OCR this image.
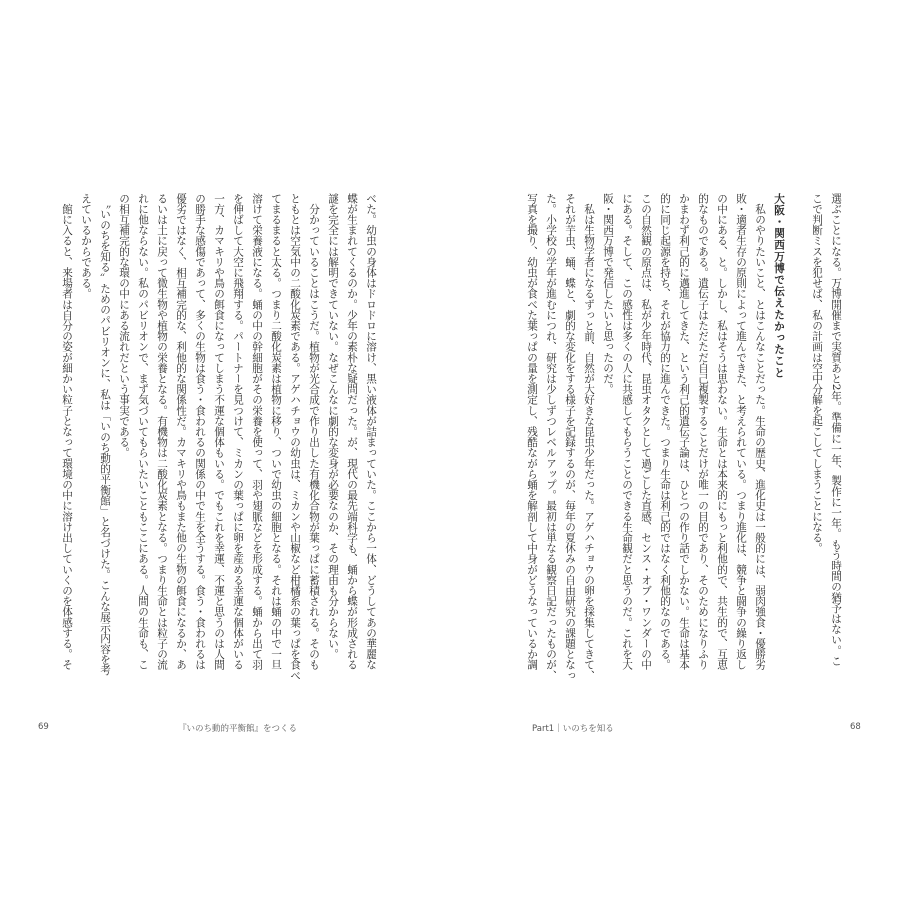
選ぶことになる。万博開催まで実質あと2年。準備に一年、製作に一年。もう時間の猶予はない。こ
こで判断ミスを犯せば、私の計画は空中分解を起こしてしまうことになる。
大阪・関西万博で伝えたかったこと
　私のやりたいこと、とはこんなことだった。生命の歴史、進化史は一般的には、弱肉強食・優勝劣
敗・適者生存の原則によって進んできた、と考えられている。つまり進化は、競争と闘争の繰り返し
の中にある、と。しかし、私はそうは思わない。生命とは本来的にもっと利他的で、共生的で、互恵
的なものである。遺伝子はただただ自己複製することだけが唯一の目的であり、そのためになりふり
かまわず利己的に邁進してきた、という利己的遺伝子論は、ひとつの作り話でしかない。生命は基本
的に同じ起源を持ち、それが協力的に進んできた。つまり生命は利己的ではなく利他的なのである。
この自然観の原点は、私が少年時代、昆虫オタクとして過ごした直感、センス・オブ・ワンダーの中
にある。そして、この感性は多くの人に共感してもらうことのできる生命観だと思うのだ。これを大
阪・関西万博で発信したいと思ったのだ。
　私は生物学者になるずっと前、自然が大好きな昆虫少年だった。アゲハチョウの卵を採集してきて、
それが芋虫、蛹、蝶と、劇的な変化をする様子を記録するのが、毎年の夏休みの自由研究の課題となっ
た。小学校の学年が進むにつれ、研究は少しずつレベルアップ。最初は単なる観察日記だったものが、
写真を撮り、幼虫が食べた葉っぱの量を測定し、残酷ながら蛹を解剖して中身がどうなっているか調
べた。幼虫の身体はドロドロに溶け、黒い液体が詰まっていた。ここから一体、どうしてあの華麗な
蝶が生まれてくるのか。少年の素朴な疑問だった。が、現代の最先端科学も、蛹から蝶が形成される
謎を完全には解明できていない。なぜこんなに劇的な変身が必要なのか、その理由も分からない。
　分かっていることはこうだ。植物が光合成で作り出した有機化合物が葉っぱに蓄積される。そのも
ともとは空気中の二酸化炭素である。アゲハチョウの幼虫は、ミカンや山椒など柑橘系の葉っぱを食べ
てまるまると太る。つまり二酸化炭素は植物に移り、ついで幼虫の細胞となる。それは蛹の中で一旦
溶けて栄養液になる。蛹の中の幹細胞がその栄養を使って、羽や翅脈などを形成する。蛹から出て羽
を伸ばして大空に飛翔する。パートナーを見つけて、ミカンの葉っぱに卵を産める幸運な個体がいる
一方、カマキリや鳥の餌食になってしまう不運な個体もいる。でもこれを幸運、不運と思うのは人間
の勝手な感傷であって、多くの生物は食う・食われるの関係の中で生を全うする。食う・食われるは
優劣ではなく、相互補完的な、利他的な関係性だ。カマキリや鳥もまた他の生物の餌食になるか、あ
るいは土に戻って微生物や植物の栄養となる。有機物は二酸化炭素となる。つまり生命とは粒子の流
れに他ならない。私のパビリオンで、まず気づいてもらいたいこともここにある。人間の生命も、こ
の相互補完的な環の中にある流れだという事実である。
　〝いのちを知る〟ためのパビリオンに、私は「いのち動的平衡館」と名づけた。こんな展示内容を考
えているからである。
　館に入ると、来場者は自分の姿が細かい粒子となって環境の中に溶け出していくのを体感する。そ
69	『いのち動的平衡館』をつくる	Part1｜いのちを知る	68
